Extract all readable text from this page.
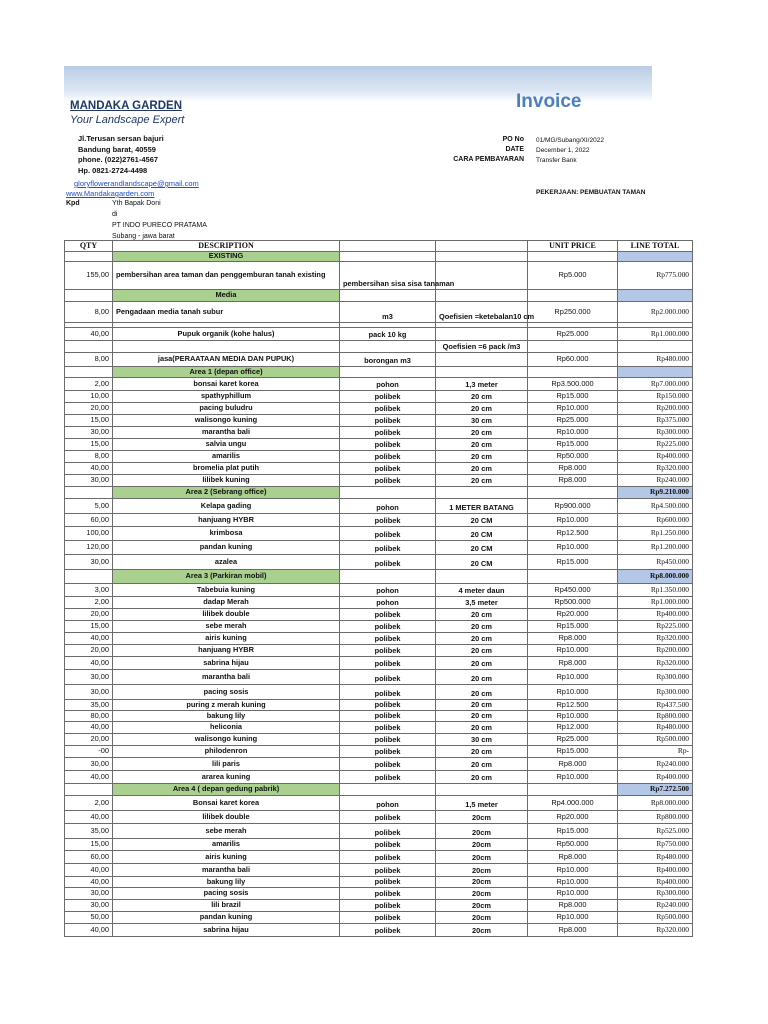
MANDAKA GARDEN
Your Landscape Expert
Invoice
Jl.Terusan sersan bajuri
Bandung barat, 40559
phone. (022)2761-4567
Hp. 0821-2724-4498
gloryflowerandlandscape@gmail.com
www.Mandakagarden.com
Kpd	Yth Bapak Doni
di
PT INDO PURECO PRATAMA
Subang - jawa barat
PO No 01/MG/Subang/XI/2022
DATE December 1, 2022
CARA PEMBAYARAN Transfer Bank
PEKERJAAN: PEMBUATAN TAMAN
QTY	DESCRIPTION			UNIT PRICE	LINE TOTAL
	EXISTING				
155,00	pembersihan area taman dan penggemburan tanah existing	pembersihan sisa sisa tanaman		Rp5.000	Rp775.000
	Media				
8,00	Pengadaan media tanah subur	m3	Qoefisien =ketebalan10 cm	Rp250.000	Rp2.000.000

40,00	Pupuk organik (kohe halus)	pack 10 kg		Rp25.000	Rp1.000.000
			Qoefisien =6 pack /m3		
8,00	jasa(PERAATAAN MEDIA DAN PUPUK)	borongan m3		Rp60.000	Rp480.000
	Area 1 (depan office)				
2,00	bonsai karet korea	pohon	1,3 meter	Rp3.500.000	Rp7.000.000
10,00	spathyphillum	polibek	20 cm	Rp15.000	Rp150.000
20,00	pacing buludru	polibek	20 cm	Rp10.000	Rp200.000
15,00	walisongo kuning	polibek	30 cm	Rp25.000	Rp375.000
30,00	marantha bali	polibek	20 cm	Rp10.000	Rp300.000
15,00	salvia ungu	polibek	20 cm	Rp15.000	Rp225.000
8,00	amarilis	polibek	20 cm	Rp50.000	Rp400.000
40,00	bromelia plat putih	polibek	20 cm	Rp8.000	Rp320.000
30,00	lilibek kuning	polibek	20 cm	Rp8.000	Rp240.000
	Area 2 (Sebrang office)				Rp9.210.000
5,00	Kelapa gading	pohon	1 METER BATANG	Rp900.000	Rp4.500.000
60,00	hanjuang HYBR	polibek	20 CM	Rp10.000	Rp600.000
100,00	krimbosa	polibek	20 CM	Rp12.500	Rp1.250.000
120,00	pandan kuning	polibek	20 CM	Rp10.000	Rp1.200.000
30,00	azalea	polibek	20 CM	Rp15.000	Rp450.000
	Area 3 (Parkiran mobil)				Rp8.000.000
3,00	Tabebuia kuning	pohon	4 meter daun	Rp450.000	Rp1.350.000
2,00	dadap Merah	pohon	3,5 meter	Rp500.000	Rp1.000.000
20,00	lilibek double	polibek	20 cm	Rp20.000	Rp400.000
15,00	sebe merah	polibek	20 cm	Rp15.000	Rp225.000
40,00	airis kuning	polibek	20 cm	Rp8.000	Rp320.000
20,00	hanjuang HYBR	polibek	20 cm	Rp10.000	Rp200.000
40,00	sabrina hijau	polibek	20 cm	Rp8.000	Rp320.000
30,00	marantha bali	polibek	20 cm	Rp10.000	Rp300.000
30,00	pacing sosis	polibek	20 cm	Rp10.000	Rp300.000
35,00	puring z merah kuning	polibek	20 cm	Rp12.500	Rp437.500
80,00	bakung lily	polibek	20 cm	Rp10.000	Rp800.000
40,00	heliconia	polibek	20 cm	Rp12.000	Rp480.000
20,00	walisongo kuning	polibek	30 cm	Rp25.000	Rp500.000
-00	philodenron	polibek	20 cm	Rp15.000	Rp-
30,00	lili paris	polibek	20 cm	Rp8.000	Rp240.000
40,00	ararea kuning	polibek	20 cm	Rp10.000	Rp400.000
	Area 4 ( depan gedung pabrik)				Rp7.272.500
2,00	Bonsai karet korea	pohon	1,5 meter	Rp4.000.000	Rp8.000.000
40,00	lilibek double	polibek	20cm	Rp20.000	Rp800.000
35,00	sebe merah	polibek	20cm	Rp15.000	Rp525.000
15,00	amarilis	polibek	20cm	Rp50.000	Rp750.000
60,00	airis kuning	polibek	20cm	Rp8.000	Rp480.000
40,00	marantha bali	polibek	20cm	Rp10.000	Rp400.000
40,00	bakung lily	polibek	20cm	Rp10.000	Rp400.000
30,00	pacing sosis	polibek	20cm	Rp10.000	Rp300.000
30,00	lili brazil	polibek	20cm	Rp8.000	Rp240.000
50,00	pandan kuning	polibek	20cm	Rp10.000	Rp500.000
40,00	sabrina hijau	polibek	20cm	Rp8.000	Rp320.000
